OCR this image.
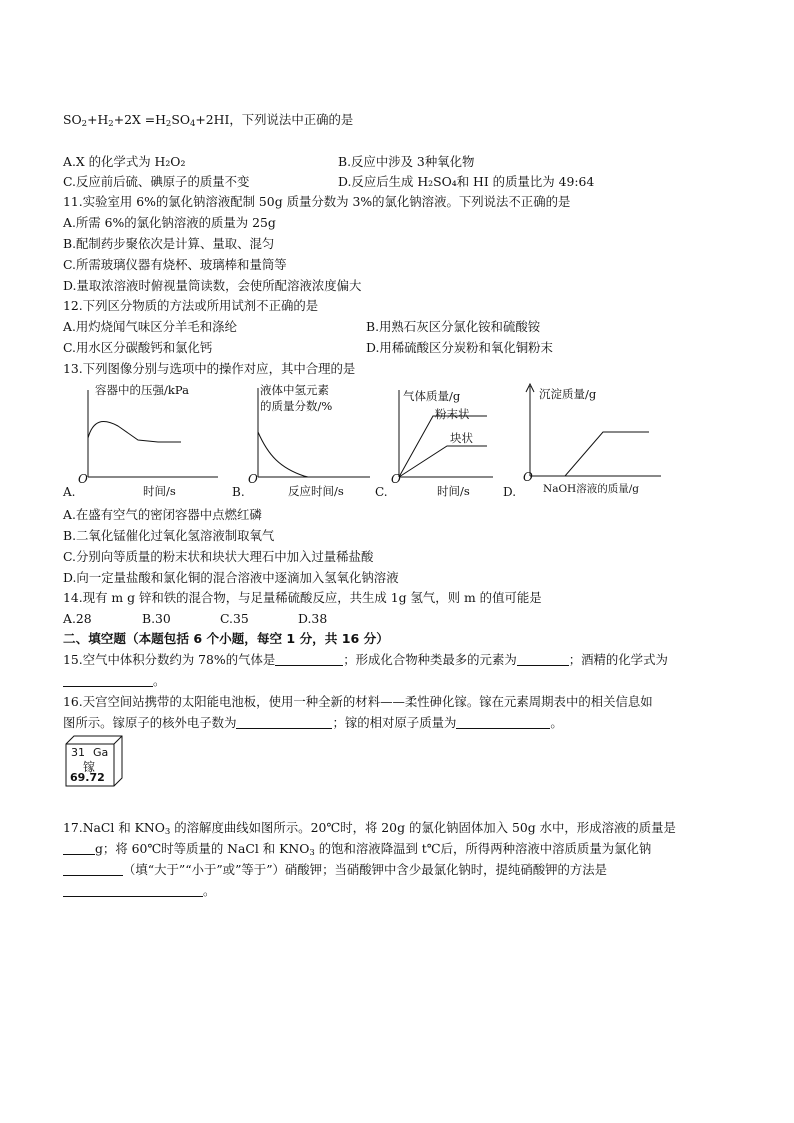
$SO_2+H_2+2X =H_2SO_4+2HI$，下列说法中正确的是
A.X 的化学式为 H₂O₂	B.反应中涉及 3种氧化物
C.反应前后硫、碘原子的质量不变	D.反应后生成 H₂SO₄和 HI 的质量比为 49:64
11.实验室用 6%的氯化钠溶液配制 50g 质量分数为 3%的氯化钠溶液。下列说法不正确的是
A.所需 6%的氯化钠溶液的质量为 25g
B.配制药步聚依次是计算、量取、混匀
C.所需玻璃仪器有烧杯、玻璃棒和量筒等
D.量取浓溶液时俯视量筒读数，会使所配溶液浓度偏大
12.下列区分物质的方法或所用试剂不正确的是
A.用灼烧闻气味区分羊毛和涤纶	B.用熟石灰区分氯化铵和硫酸铵
C.用水区分碳酸钙和氯化钙	D.用稀硫酸区分炭粉和氧化铜粉末
13.下列图像分别与选项中的操作对应，其中合理的是
A.
容器中的压强/kPa
O
时间/s	B.
液体中氢元素
的质量分数/%
O
反应时间/s	C.
气体质量/g
粉末状
块状
O
时间/s	D.
沉淀质量/g
O
NaOH溶液的质量/g
A.在盛有空气的密闭容器中点燃红磷
B.二氧化锰催化过氧化氢溶液制取氧气
C.分别向等质量的粉末状和块状大理石中加入过量稀盐酸
D.向一定量盐酸和氯化铜的混合溶液中逐滴加入氢氧化钠溶液
14.现有 m g 锌和铁的混合物，与足量稀硫酸反应，共生成 1g 氢气，则 m 的值可能是
A.28	B.30	C.35	D.38
二、填空题（本题包括 6 个小题，每空 1 分，共 16 分）
15.空气中体积分数约为 78%的气体是	；形成化合物种类最多的元素为	；酒精的化学式为
。
16.天宫空间站携带的太阳能电池板，使用一种全新的材料——柔性砷化镓。镓在元素周期表中的相关信息如
图所示。镓原子的核外电子数为	；镓的相对原子质量为	。
31 Ga
镓
69.72
17.NaCl 和 $KNO_3$ 的溶解度曲线如图所示。20℃时，将 20g 的氯化钠固体加入 50g 水中，形成溶液的质量是
g；将 60℃时等质量的 NaCl 和 $KNO_3$ 的饱和溶液降温到 t℃后，所得两种溶液中溶质质量为氯化钠
（填“大于”“小于”或”等于”）硝酸钾；当硝酸钾中含少最氯化钠时，提纯硝酸钾的方法是
。
